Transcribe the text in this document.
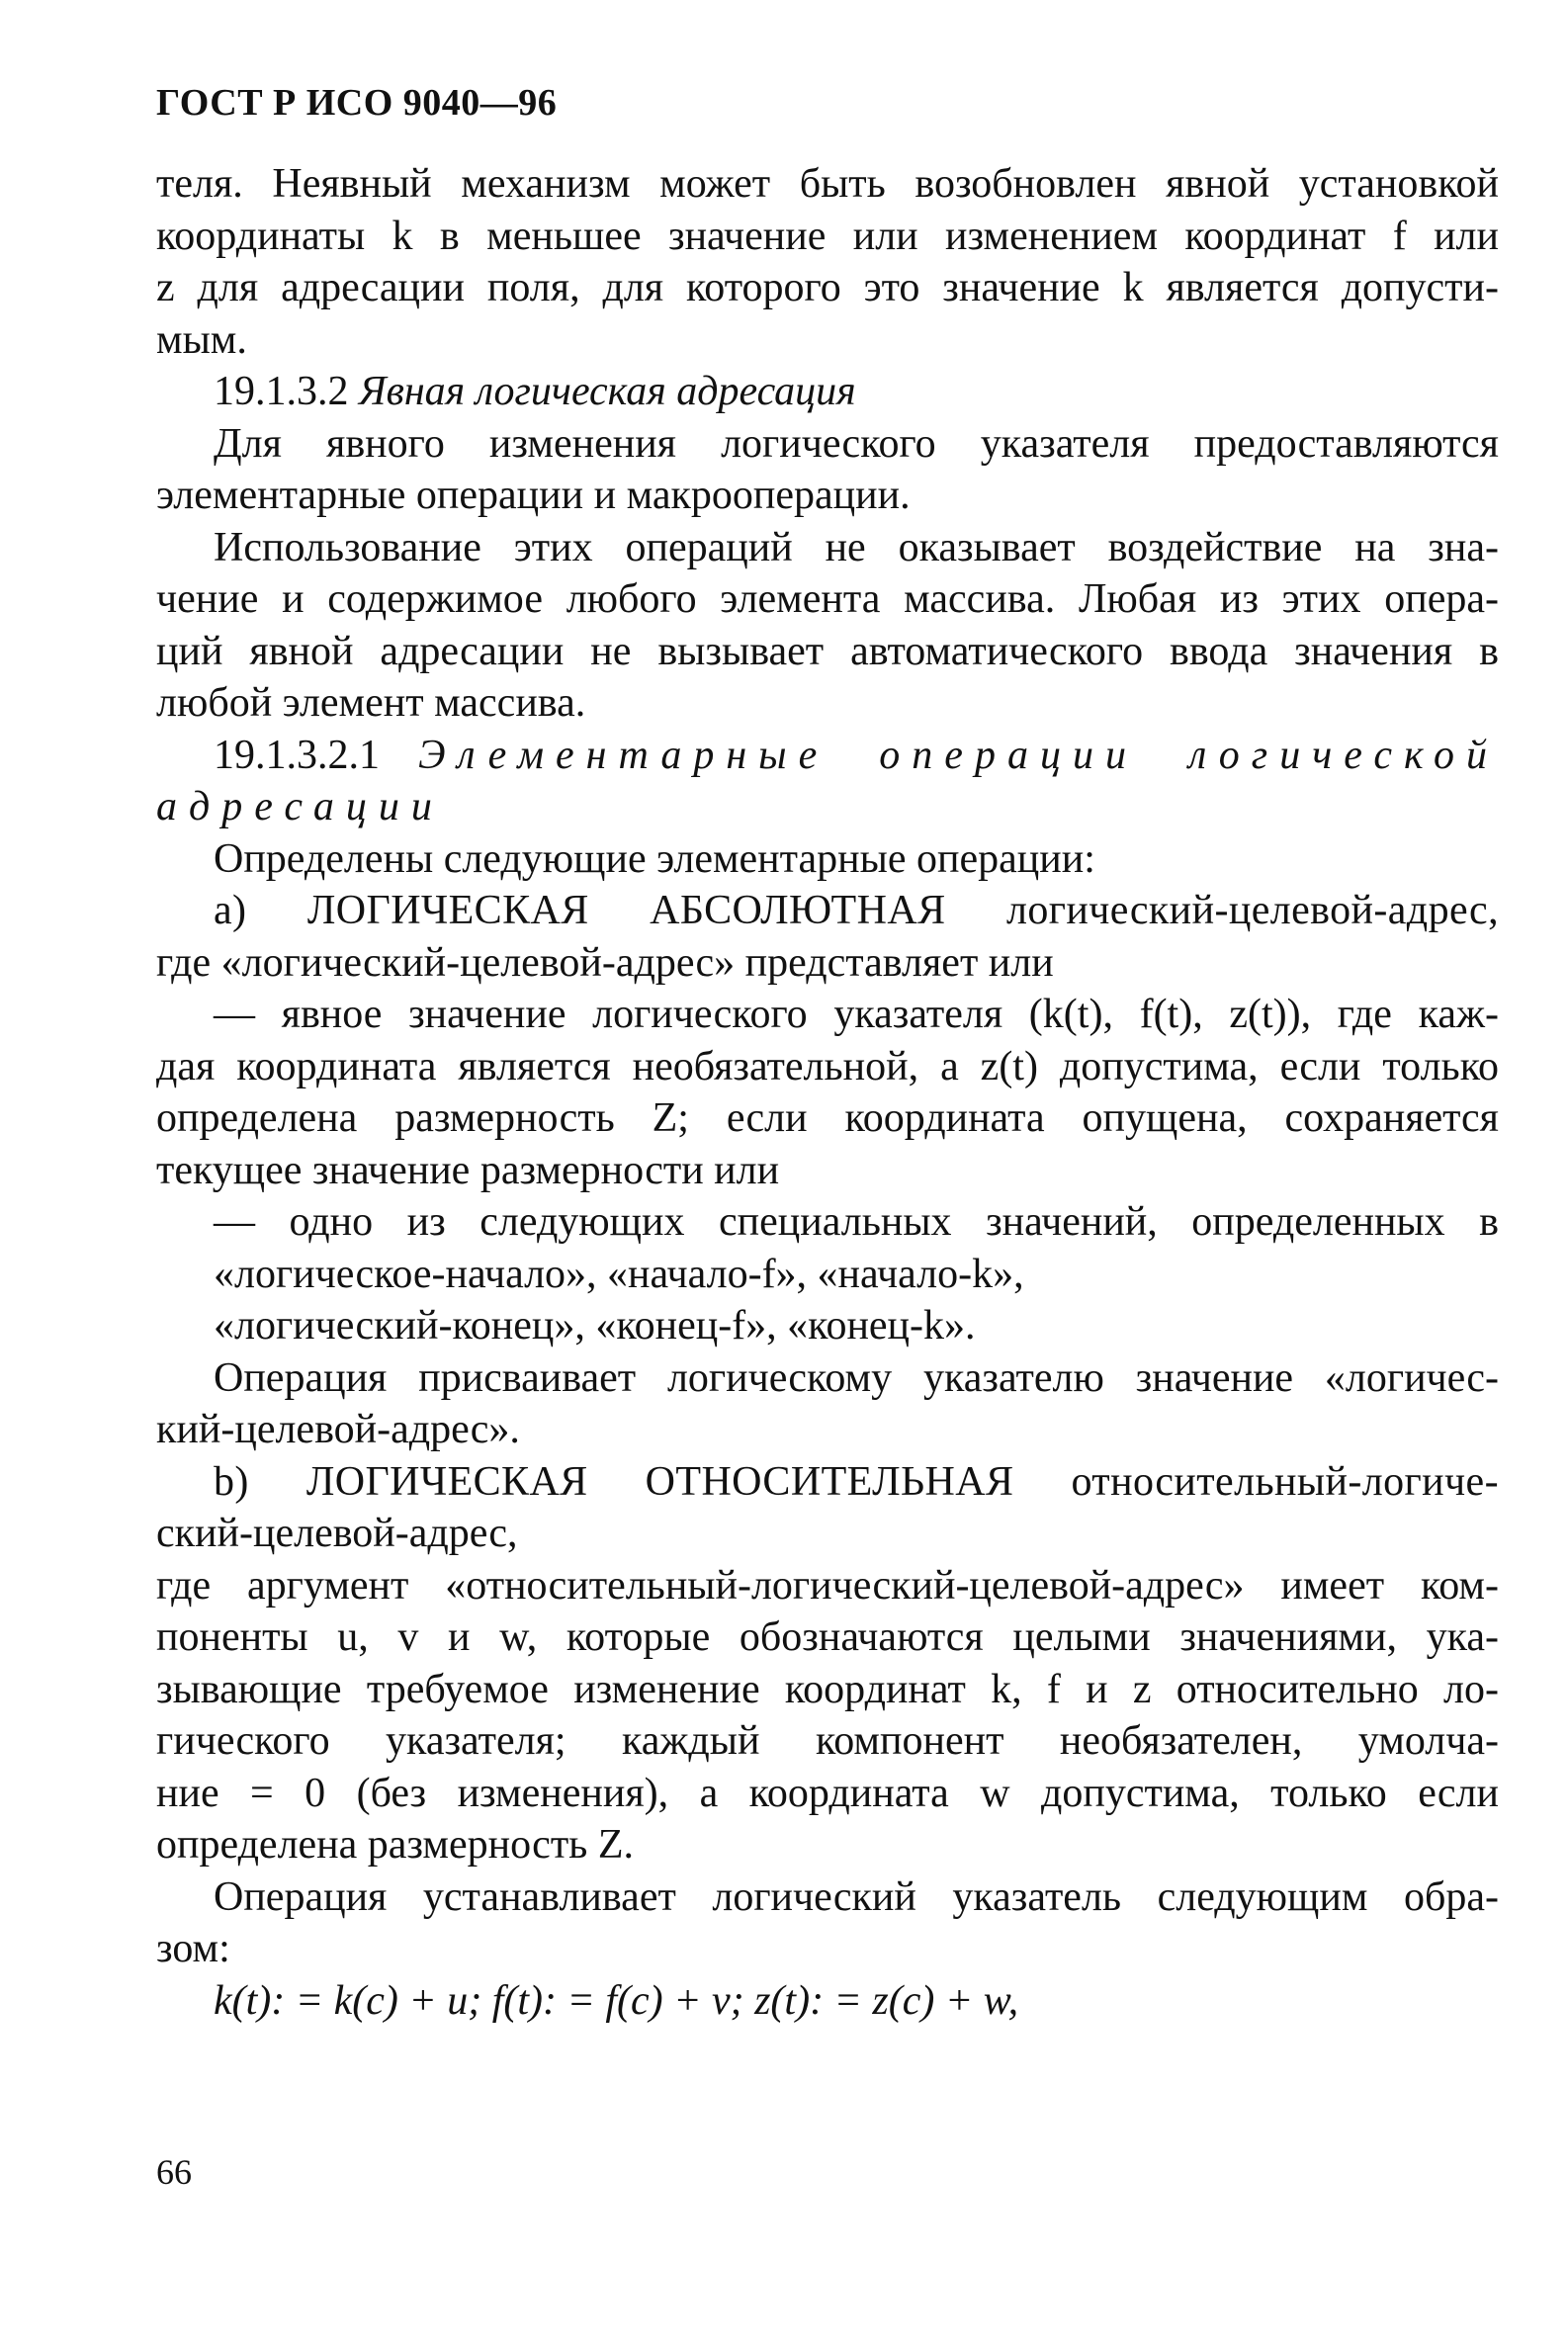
ГОСТ Р ИСО 9040—96

теля. Неявный механизм может быть возобновлен явной установкой

координаты k в меньшее значение или изменением координат f или

z для адресации поля, для которого это значение k является допусти-

мым.

19.1.3.2 Явная логическая адресация

Для явного изменения логического указателя предоставляются

элементарные операции и макрооперации.

Использование этих операций не оказывает воздействие на зна-

чение и содержимое любого элемента массива. Любая из этих опера-

ций явной адресации не вызывает автоматического ввода значения в

любой элемент массива.

19.1.3.2.1 Элементарные операции логической

адресации

Определены следующие элементарные операции:

a) ЛОГИЧЕСКАЯ АБСОЛЮТНАЯ логический-целевой-адрес,

где «логический-целевой-адрес» представляет или

— явное значение логического указателя (k(t), f(t), z(t)), где каж-

дая координата является необязательной, а z(t) допустима, если только

определена размерность Z; если координата опущена, сохраняется

текущее значение размерности или

— одно из следующих специальных значений, определенных в

«логическое-начало», «начало-f», «начало-k»,

«логический-конец», «конец-f», «конец-k».

Операция присваивает логическому указателю значение «логичес-

кий-целевой-адрес».

b) ЛОГИЧЕСКАЯ ОТНОСИТЕЛЬНАЯ относительный-логиче-

ский-целевой-адрес,

где аргумент «относительный-логический-целевой-адрес» имеет ком-

поненты u, v и w, которые обозначаются целыми значениями, ука-

зывающие требуемое изменение координат k, f и z относительно ло-

гического указателя; каждый компонент необязателен, умолча-

ние = 0 (без изменения), а координата w допустима, только если

определена размерность Z.

Операция устанавливает логический указатель следующим обра-

зом:

k(t): = k(c) + u; f(t): = f(c) + v; z(t): = z(c) + w,

66
